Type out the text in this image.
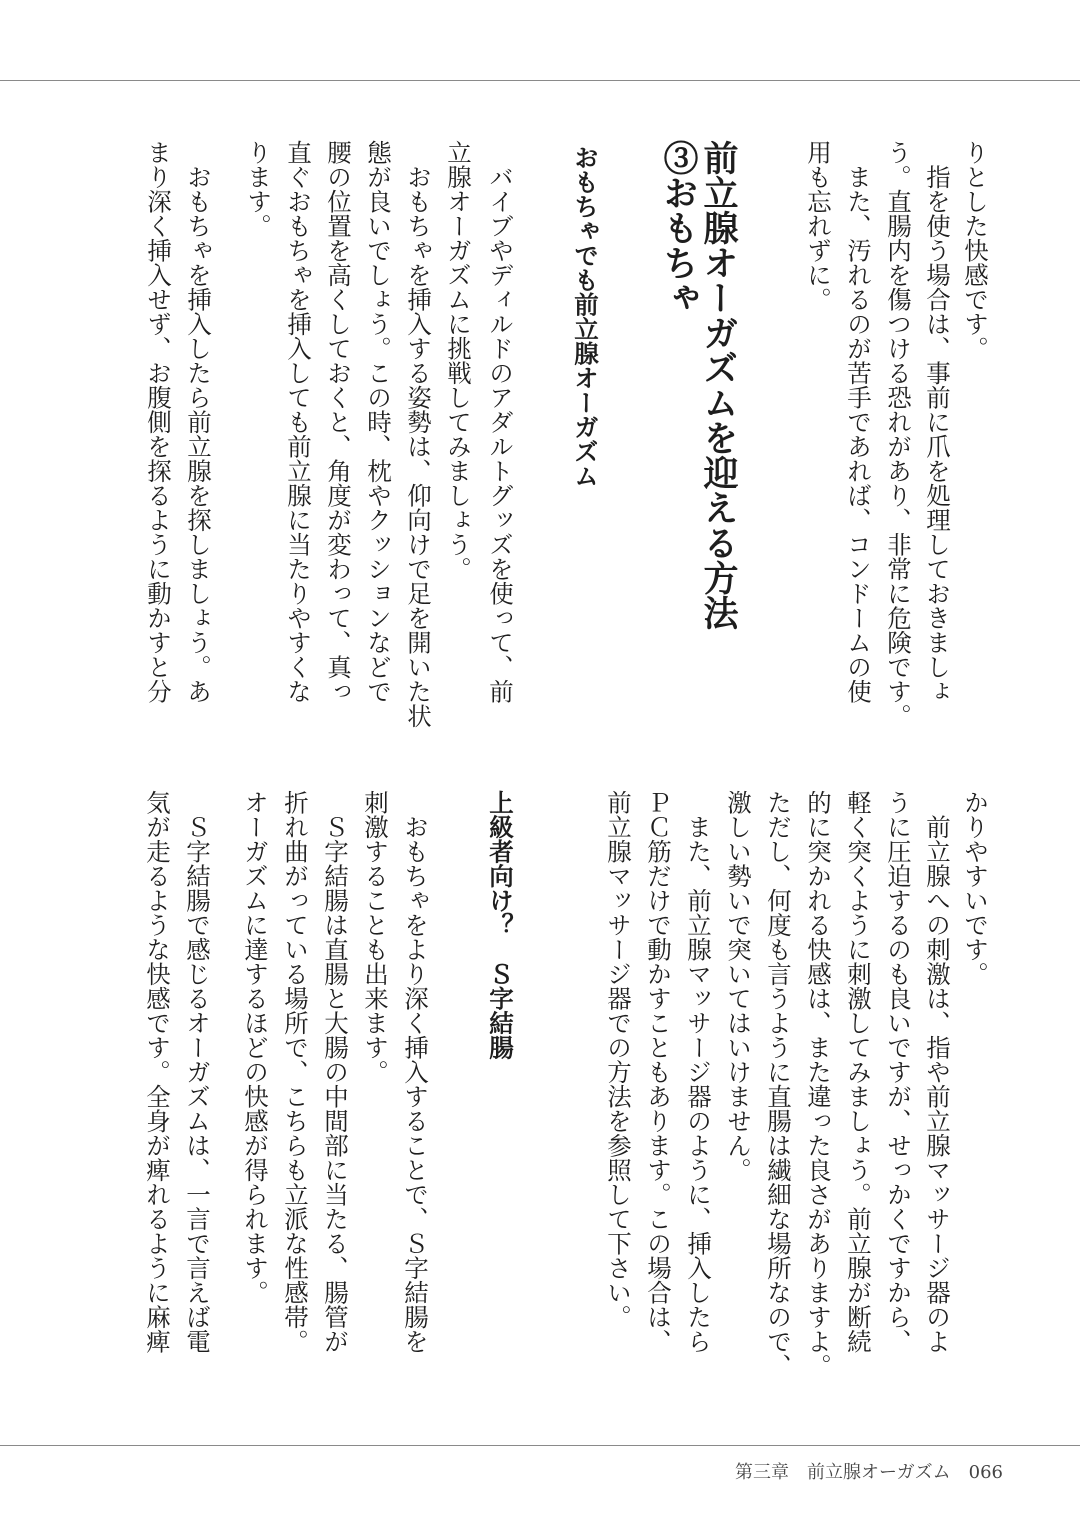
りとした快感です。
　指を使う場合は、事前に爪を処理しておきましょ
う。直腸内を傷つける恐れがあり、非常に危険です。
　また、汚れるのが苦手であれば、コンドームの使
用も忘れずに。
前立腺オーガズムを迎える方法
③おもちゃ
おもちゃでも前立腺オーガズム
　バイブやディルドのアダルトグッズを使って、前
立腺オーガズムに挑戦してみましょう。
　おもちゃを挿入する姿勢は、仰向けで足を開いた状
態が良いでしょう。この時、枕やクッションなどで
腰の位置を高くしておくと、角度が変わって、真っ
直ぐおもちゃを挿入しても前立腺に当たりやすくな
ります。
　おもちゃを挿入したら前立腺を探しましょう。あ
まり深く挿入せず、お腹側を探るように動かすと分
かりやすいです。
　前立腺への刺激は、指や前立腺マッサージ器のよ
うに圧迫するのも良いですが、せっかくですから、
軽く突くように刺激してみましょう。前立腺が断続
的に突かれる快感は、また違った良さがありますよ。
ただし、何度も言うように直腸は繊細な場所なので、
激しい勢いで突いてはいけません。
　また、前立腺マッサージ器のように、挿入したら
ＰＣ筋だけで動かすこともあります。この場合は、
前立腺マッサージ器での方法を参照して下さい。
上級者向け？　Ｓ字結腸
　おもちゃをより深く挿入することで、Ｓ字結腸を
刺激することも出来ます。
　Ｓ字結腸は直腸と大腸の中間部に当たる、腸管が
折れ曲がっている場所で、こちらも立派な性感帯。
オーガズムに達するほどの快感が得られます。
　Ｓ字結腸で感じるオーガズムは、一言で言えば電
気が走るような快感です。全身が痺れるように麻痺
第三章　 前立腺オーガズム　 066
